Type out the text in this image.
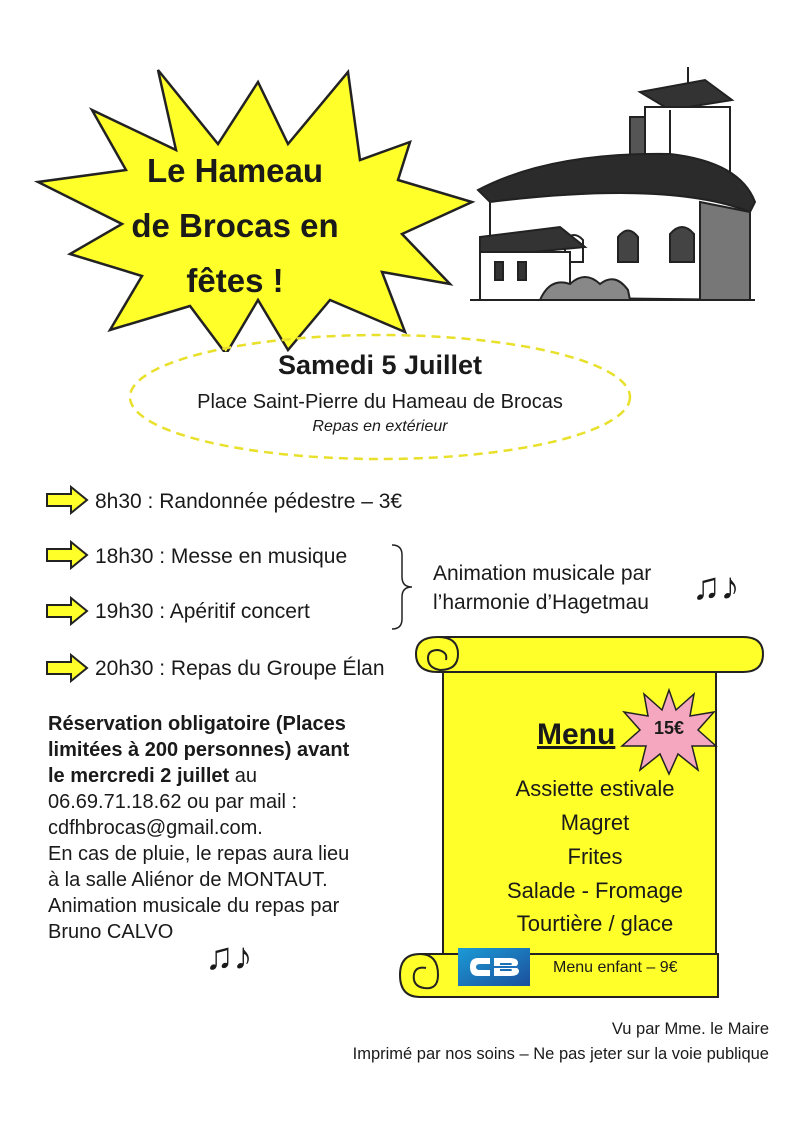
Le Hameau
de Brocas en
fêtes !
Samedi 5 Juillet
Place Saint-Pierre du Hameau de Brocas
Repas en extérieur
8h30 : Randonnée pédestre – 3€
18h30 : Messe en musique
19h30 : Apéritif concert
20h30 : Repas du Groupe Élan
Animation musicale par
l’harmonie d’Hagetmau ♫♪
Réservation obligatoire (Places
limitées à 200 personnes) avant
le mercredi 2 juillet au
06.69.71.18.62 ou par mail :
cdfhbrocas@gmail.com.
En cas de pluie, le repas aura lieu
à la salle Aliénor de MONTAUT.
Animation musicale du repas par
Bruno CALVO
♫♪
Menu	15€
Assiette estivale
Magret
Frites
Salade - Fromage
Tourtière / glace
Menu enfant – 9€
Vu par Mme. le Maire
Imprimé par nos soins – Ne pas jeter sur la voie publique
